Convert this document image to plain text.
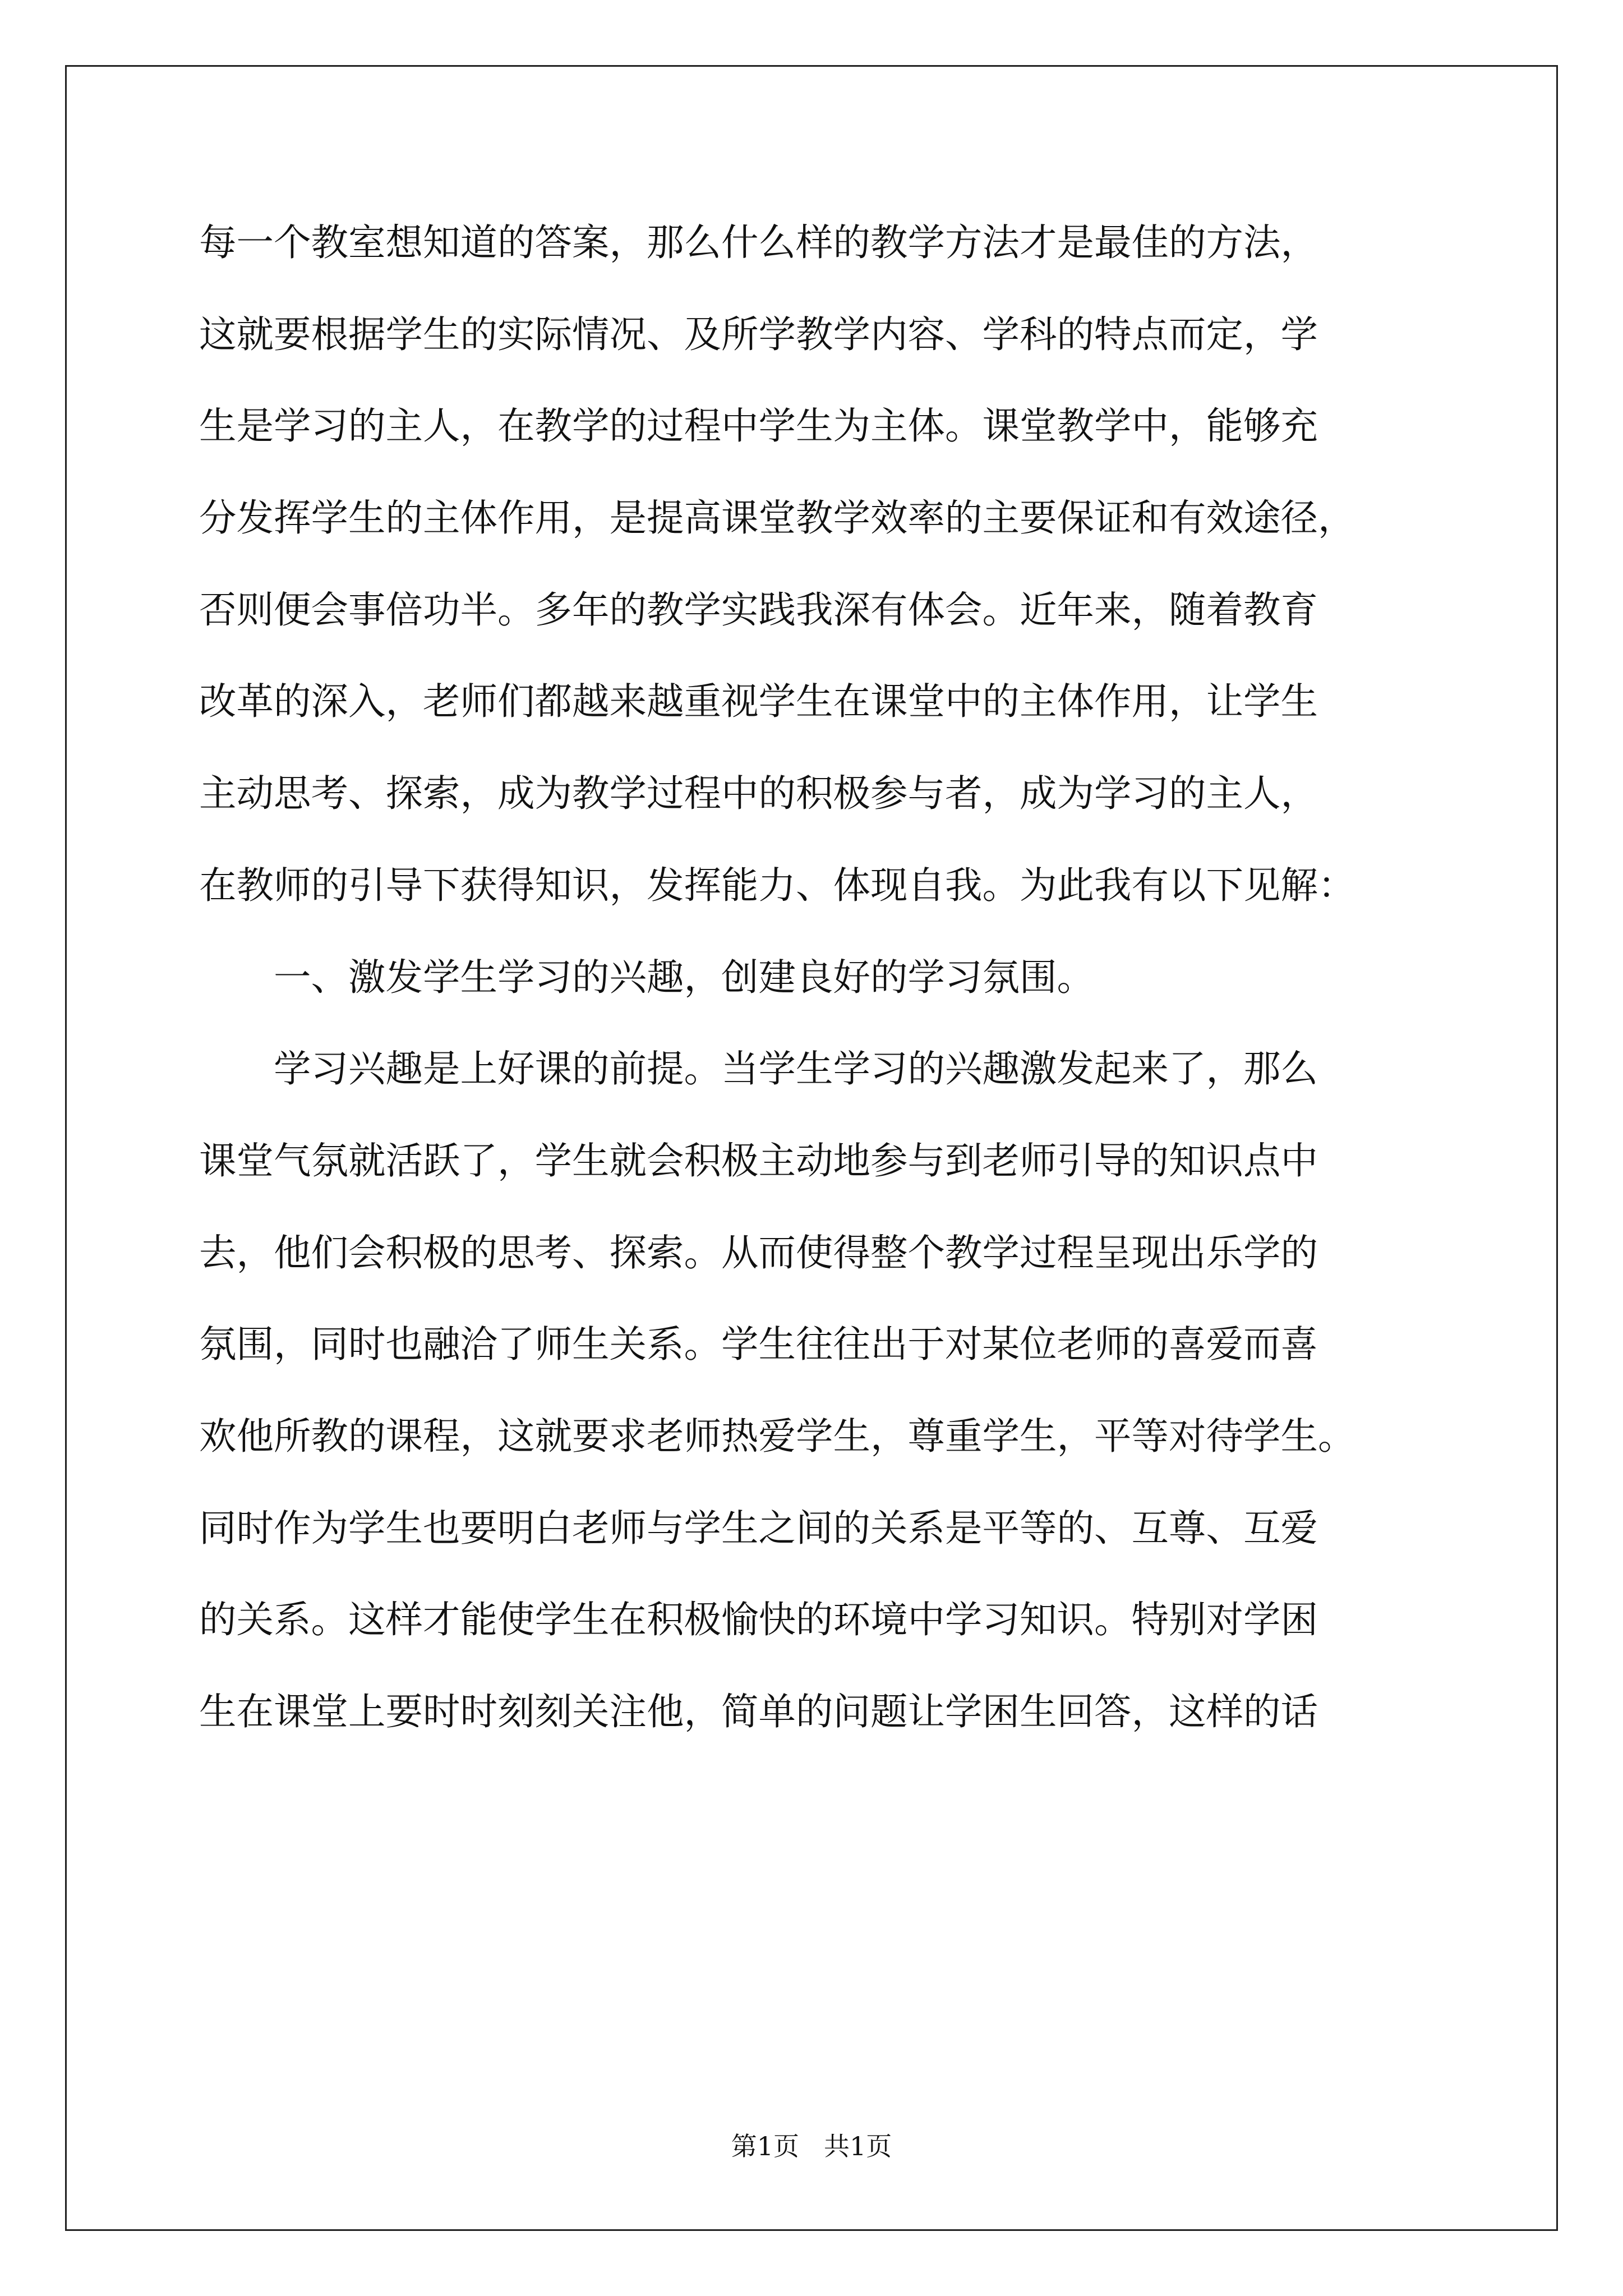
每一个教室想知道的答案，那么什么样的教学方法才是最佳的方法，
这就要根据学生的实际情况、及所学教学内容、学科的特点而定，学
生是学习的主人，在教学的过程中学生为主体。课堂教学中，能够充
分发挥学生的主体作用，是提高课堂教学效率的主要保证和有效途径，
否则便会事倍功半。多年的教学实践我深有体会。近年来，随着教育
改革的深入，老师们都越来越重视学生在课堂中的主体作用，让学生
主动思考、探索，成为教学过程中的积极参与者，成为学习的主人，
在教师的引导下获得知识，发挥能力、体现自我。为此我有以下见解：
一、激发学生学习的兴趣，创建良好的学习氛围。
学习兴趣是上好课的前提。当学生学习的兴趣激发起来了，那么
课堂气氛就活跃了，学生就会积极主动地参与到老师引导的知识点中
去，他们会积极的思考、探索。从而使得整个教学过程呈现出乐学的
氛围，同时也融洽了师生关系。学生往往出于对某位老师的喜爱而喜
欢他所教的课程，这就要求老师热爱学生，尊重学生，平等对待学生。
同时作为学生也要明白老师与学生之间的关系是平等的、互尊、互爱
的关系。这样才能使学生在积极愉快的环境中学习知识。特别对学困
生在课堂上要时时刻刻关注他，简单的问题让学困生回答，这样的话
第1页 共1页
